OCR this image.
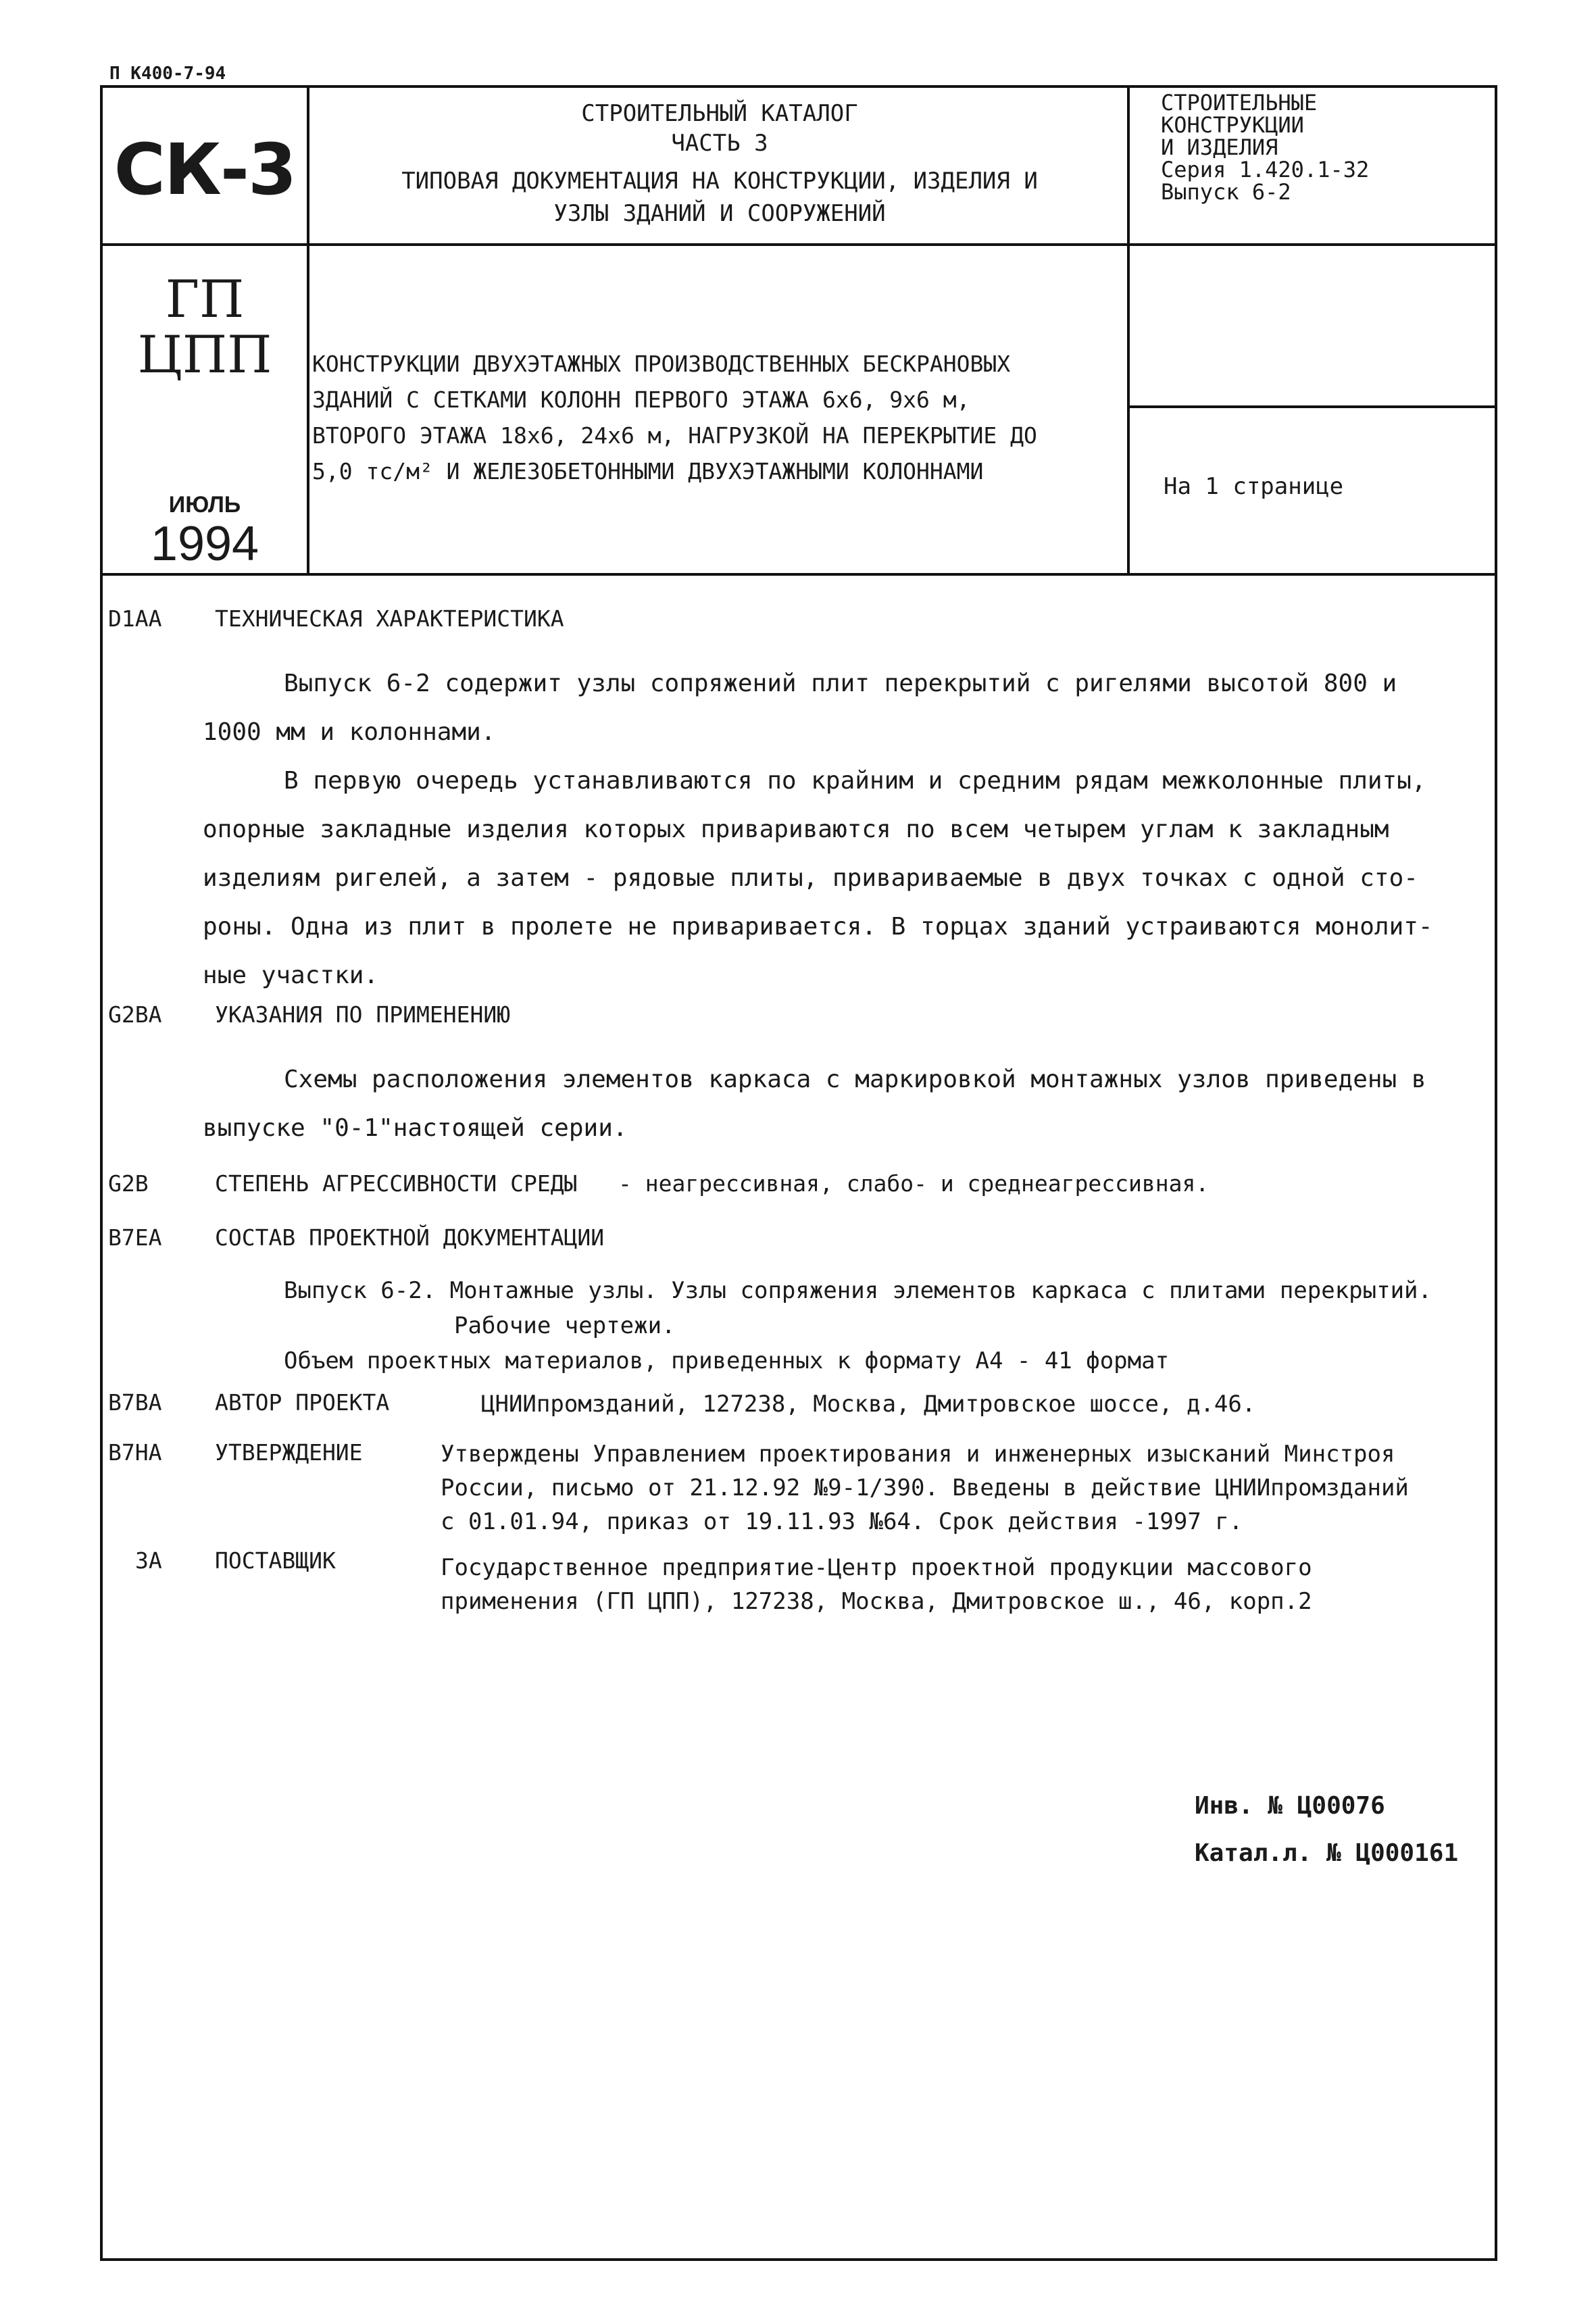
П К400-7-94
СК-3
СТРОИТЕЛЬНЫЙ КАТАЛОГ
ЧАСТЬ 3
ТИПОВАЯ ДОКУМЕНТАЦИЯ НА КОНСТРУКЦИИ, ИЗДЕЛИЯ И
УЗЛЫ ЗДАНИЙ И СООРУЖЕНИЙ
СТРОИТЕЛЬНЫЕ
КОНСТРУКЦИИ
И ИЗДЕЛИЯ
Серия 1.420.1-32
Выпуск 6-2
ГП
ЦПП
ИЮЛЬ
1994
КОНСТРУКЦИИ ДВУХЭТАЖНЫХ ПРОИЗВОДСТВЕННЫХ БЕСКРАНОВЫХ
ЗДАНИЙ С СЕТКАМИ КОЛОНН ПЕРВОГО ЭТАЖА 6x6, 9x6 м,
ВТОРОГО ЭТАЖА 18x6, 24x6 м, НАГРУЗКОЙ НА ПЕРЕКРЫТИЕ ДО
5,0 тс/м² И ЖЕЛЕЗОБЕТОННЫМИ ДВУХЭТАЖНЫМИ КОЛОННАМИ
На 1 странице
D1AA ТЕХНИЧЕСКАЯ ХАРАКТЕРИСТИКА
Выпуск 6-2 содержит узлы сопряжений плит перекрытий с ригелями высотой 800 и
1000 мм и колоннами.
В первую очередь устанавливаются по крайним и средним рядам межколонные плиты,
опорные закладные изделия которых привариваются по всем четырем углам к закладным
изделиям ригелей, а затем - рядовые плиты, привариваемые в двух точках с одной сто-
роны. Одна из плит в пролете не приваривается. В торцах зданий устраиваются монолит-
ные участки.
G2BA УКАЗАНИЯ ПО ПРИМЕНЕНИЮ
Схемы расположения элементов каркаса с маркировкой монтажных узлов приведены в
выпуске "0-1"настоящей серии.
G2B	СТЕПЕНЬ АГРЕССИВНОСТИ СРЕДЫ - неагрессивная, слабо- и среднеагрессивная.
B7EA СОСТАВ ПРОЕКТНОЙ ДОКУМЕНТАЦИИ
Выпуск 6-2. Монтажные узлы. Узлы сопряжения элементов каркаса с плитами перекрытий.
Рабочие чертежи.
Объем проектных материалов, приведенных к формату А4 - 41 формат
B7BA АВТОР ПРОЕКТА	ЦНИИпромзданий, 127238, Москва, Дмитровское шоссе, д.46.
B7HA УТВЕРЖДЕНИЕ	Утверждены Управлением проектирования и инженерных изысканий Минстроя
России, письмо от 21.12.92 №9-1/390. Введены в действие ЦНИИпромзданий
с 01.01.94, приказ от 19.11.93 №64. Срок действия -1997 г.
ЗА ПОСТАВЩИК	Государственное предприятие-Центр проектной продукции массового
применения (ГП ЦПП), 127238, Москва, Дмитровское ш., 46, корп.2
Инв. № Ц00076
Катал.л. № Ц000161
